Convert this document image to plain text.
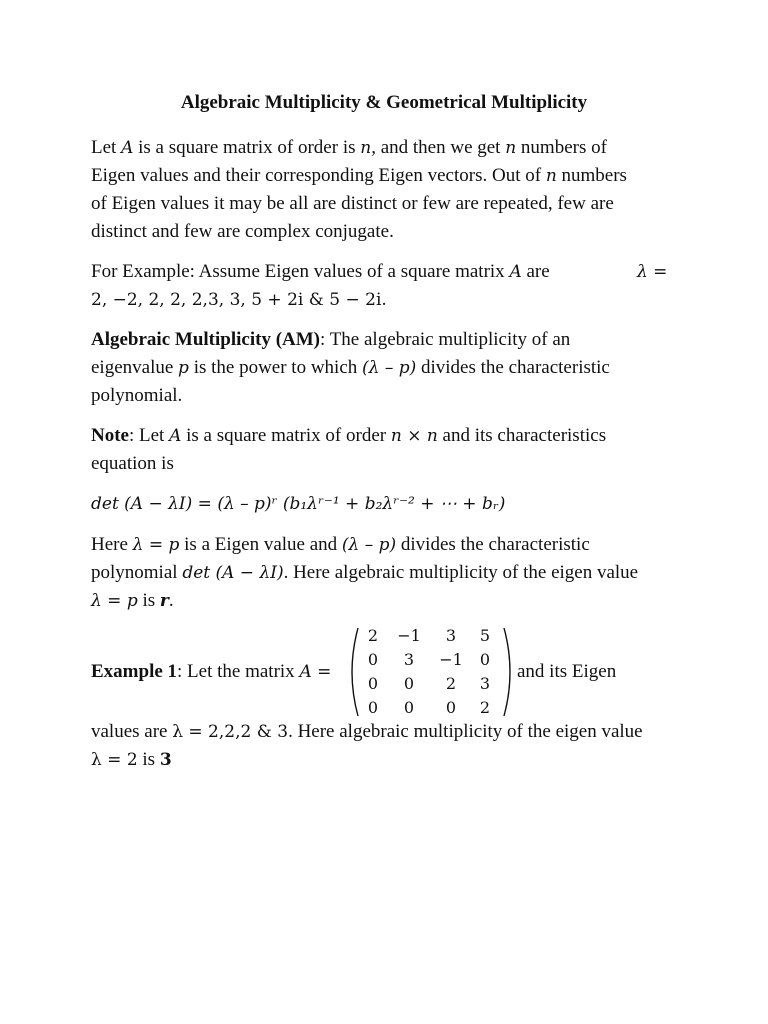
Algebraic Multiplicity & Geometrical Multiplicity
Let A is a square matrix of order is n, and then we get n numbers of
Eigen values and their corresponding Eigen vectors. Out of n numbers
of Eigen values it may be all are distinct or few are repeated, few are
distinct and few are complex conjugate.
For Example: Assume Eigen values of a square matrix A are
2, −2, 2, 2, 2,3, 3, 5 + 2i & 5 − 2i.
λ =
Algebraic Multiplicity (AM): The algebraic multiplicity of an
eigenvalue p is the power to which (λ – p) divides the characteristic
polynomial.
Note: Let A is a square matrix of order n × n and its characteristics
equation is
det (A − λI) = (λ – p)ʳ (b₁λʳ⁻¹ + b₂λʳ⁻² + ⋯ + bᵣ)
Here λ = p is a Eigen value and (λ – p) divides the characteristic
polynomial det (A − λI). Here algebraic multiplicity of the eigen value
λ = p is r.
Example 1: Let the matrix A =
2	−1	3	5
0	3	−1	0
0	0	2	3
0	0	0	2
and its Eigen
values are λ = 2,2,2 & 3. Here algebraic multiplicity of the eigen value
λ = 2 is 3
